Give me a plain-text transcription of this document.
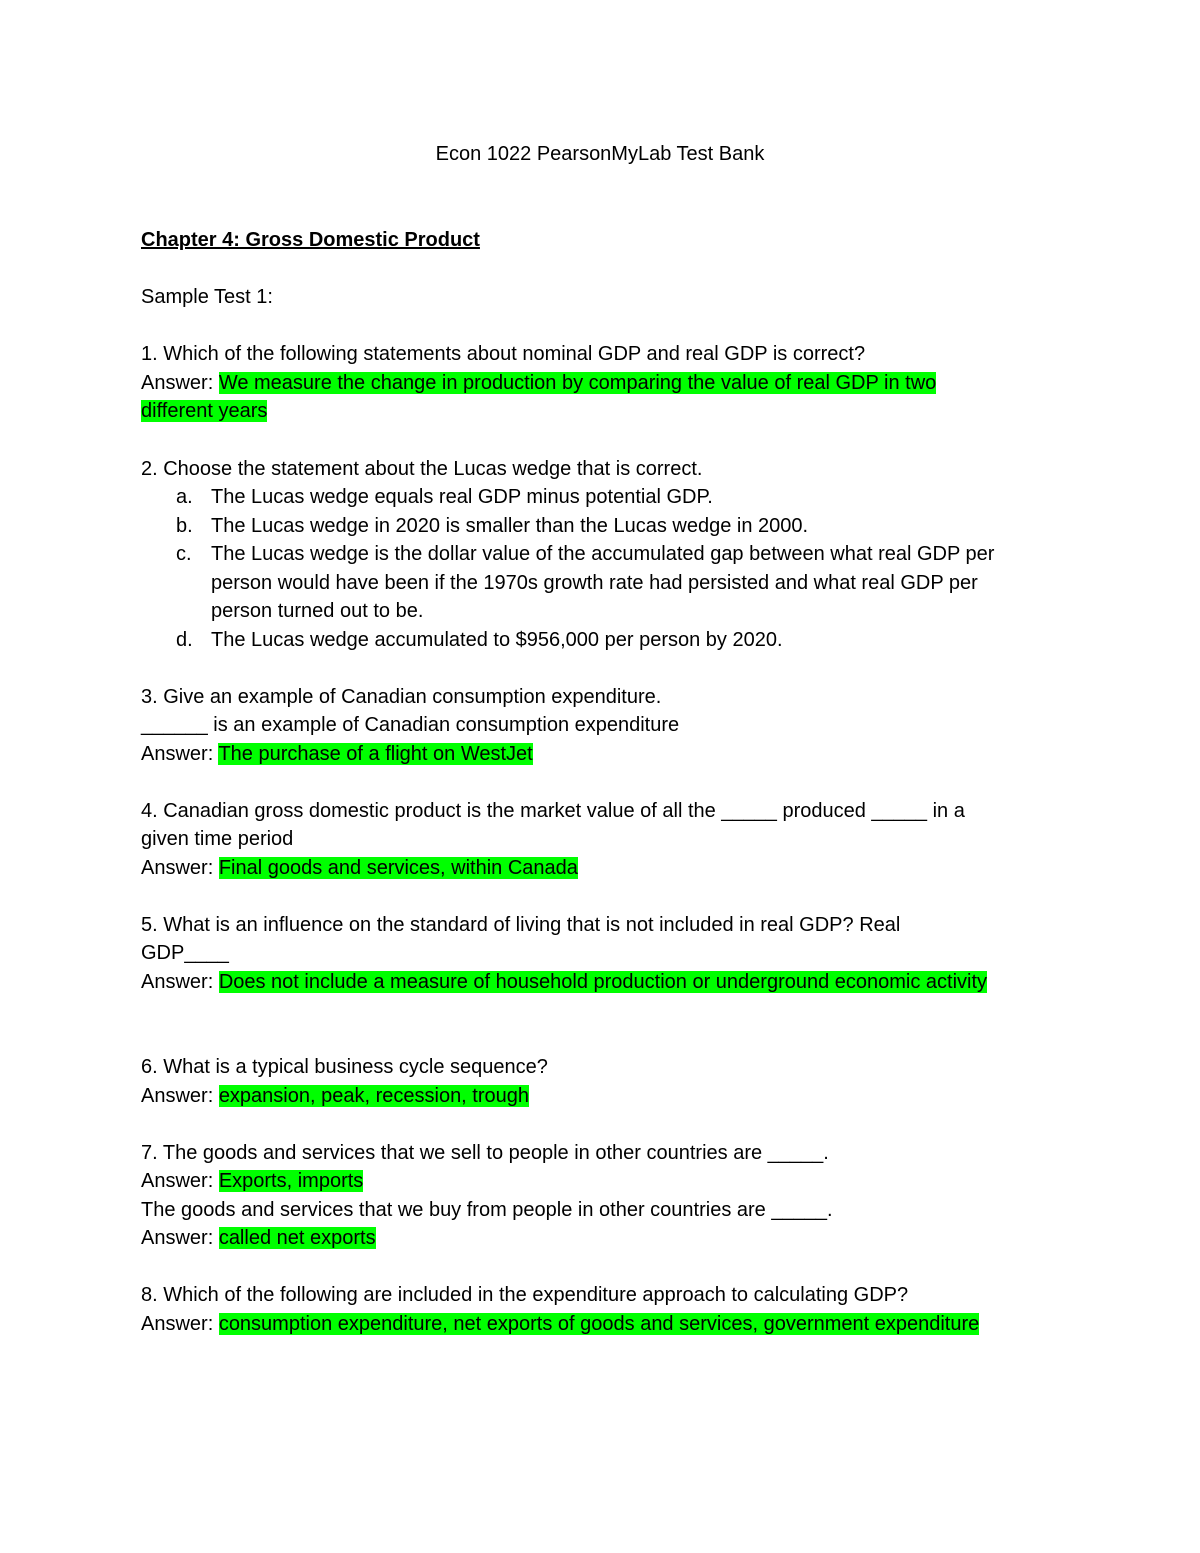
Econ 1022 PearsonMyLab Test Bank
Chapter 4: Gross Domestic Product
Sample Test 1:
1. Which of the following statements about nominal GDP and real GDP is correct?
Answer: We measure the change in production by comparing the value of real GDP in two
different years
2. Choose the statement about the Lucas wedge that is correct.
a. The Lucas wedge equals real GDP minus potential GDP.
b. The Lucas wedge in 2020 is smaller than the Lucas wedge in 2000.
c. The Lucas wedge is the dollar value of the accumulated gap between what real GDP per
person would have been if the 1970s growth rate had persisted and what real GDP per
person turned out to be.
d. The Lucas wedge accumulated to $956,000 per person by 2020.
3. Give an example of Canadian consumption expenditure.
______ is an example of Canadian consumption expenditure
Answer: The purchase of a flight on WestJet
4. Canadian gross domestic product is the market value of all the _____ produced _____ in a
given time period
Answer: Final goods and services, within Canada
5. What is an influence on the standard of living that is not included in real GDP? Real
GDP____
Answer: Does not include a measure of household production or underground economic activity
6. What is a typical business cycle sequence?
Answer: expansion, peak, recession, trough
7. The goods and services that we sell to people in other countries are _____.
Answer: Exports, imports
The goods and services that we buy from people in other countries are _____.
Answer: called net exports
8. Which of the following are included in the expenditure approach to calculating GDP?
Answer: consumption expenditure, net exports of goods and services, government expenditure
